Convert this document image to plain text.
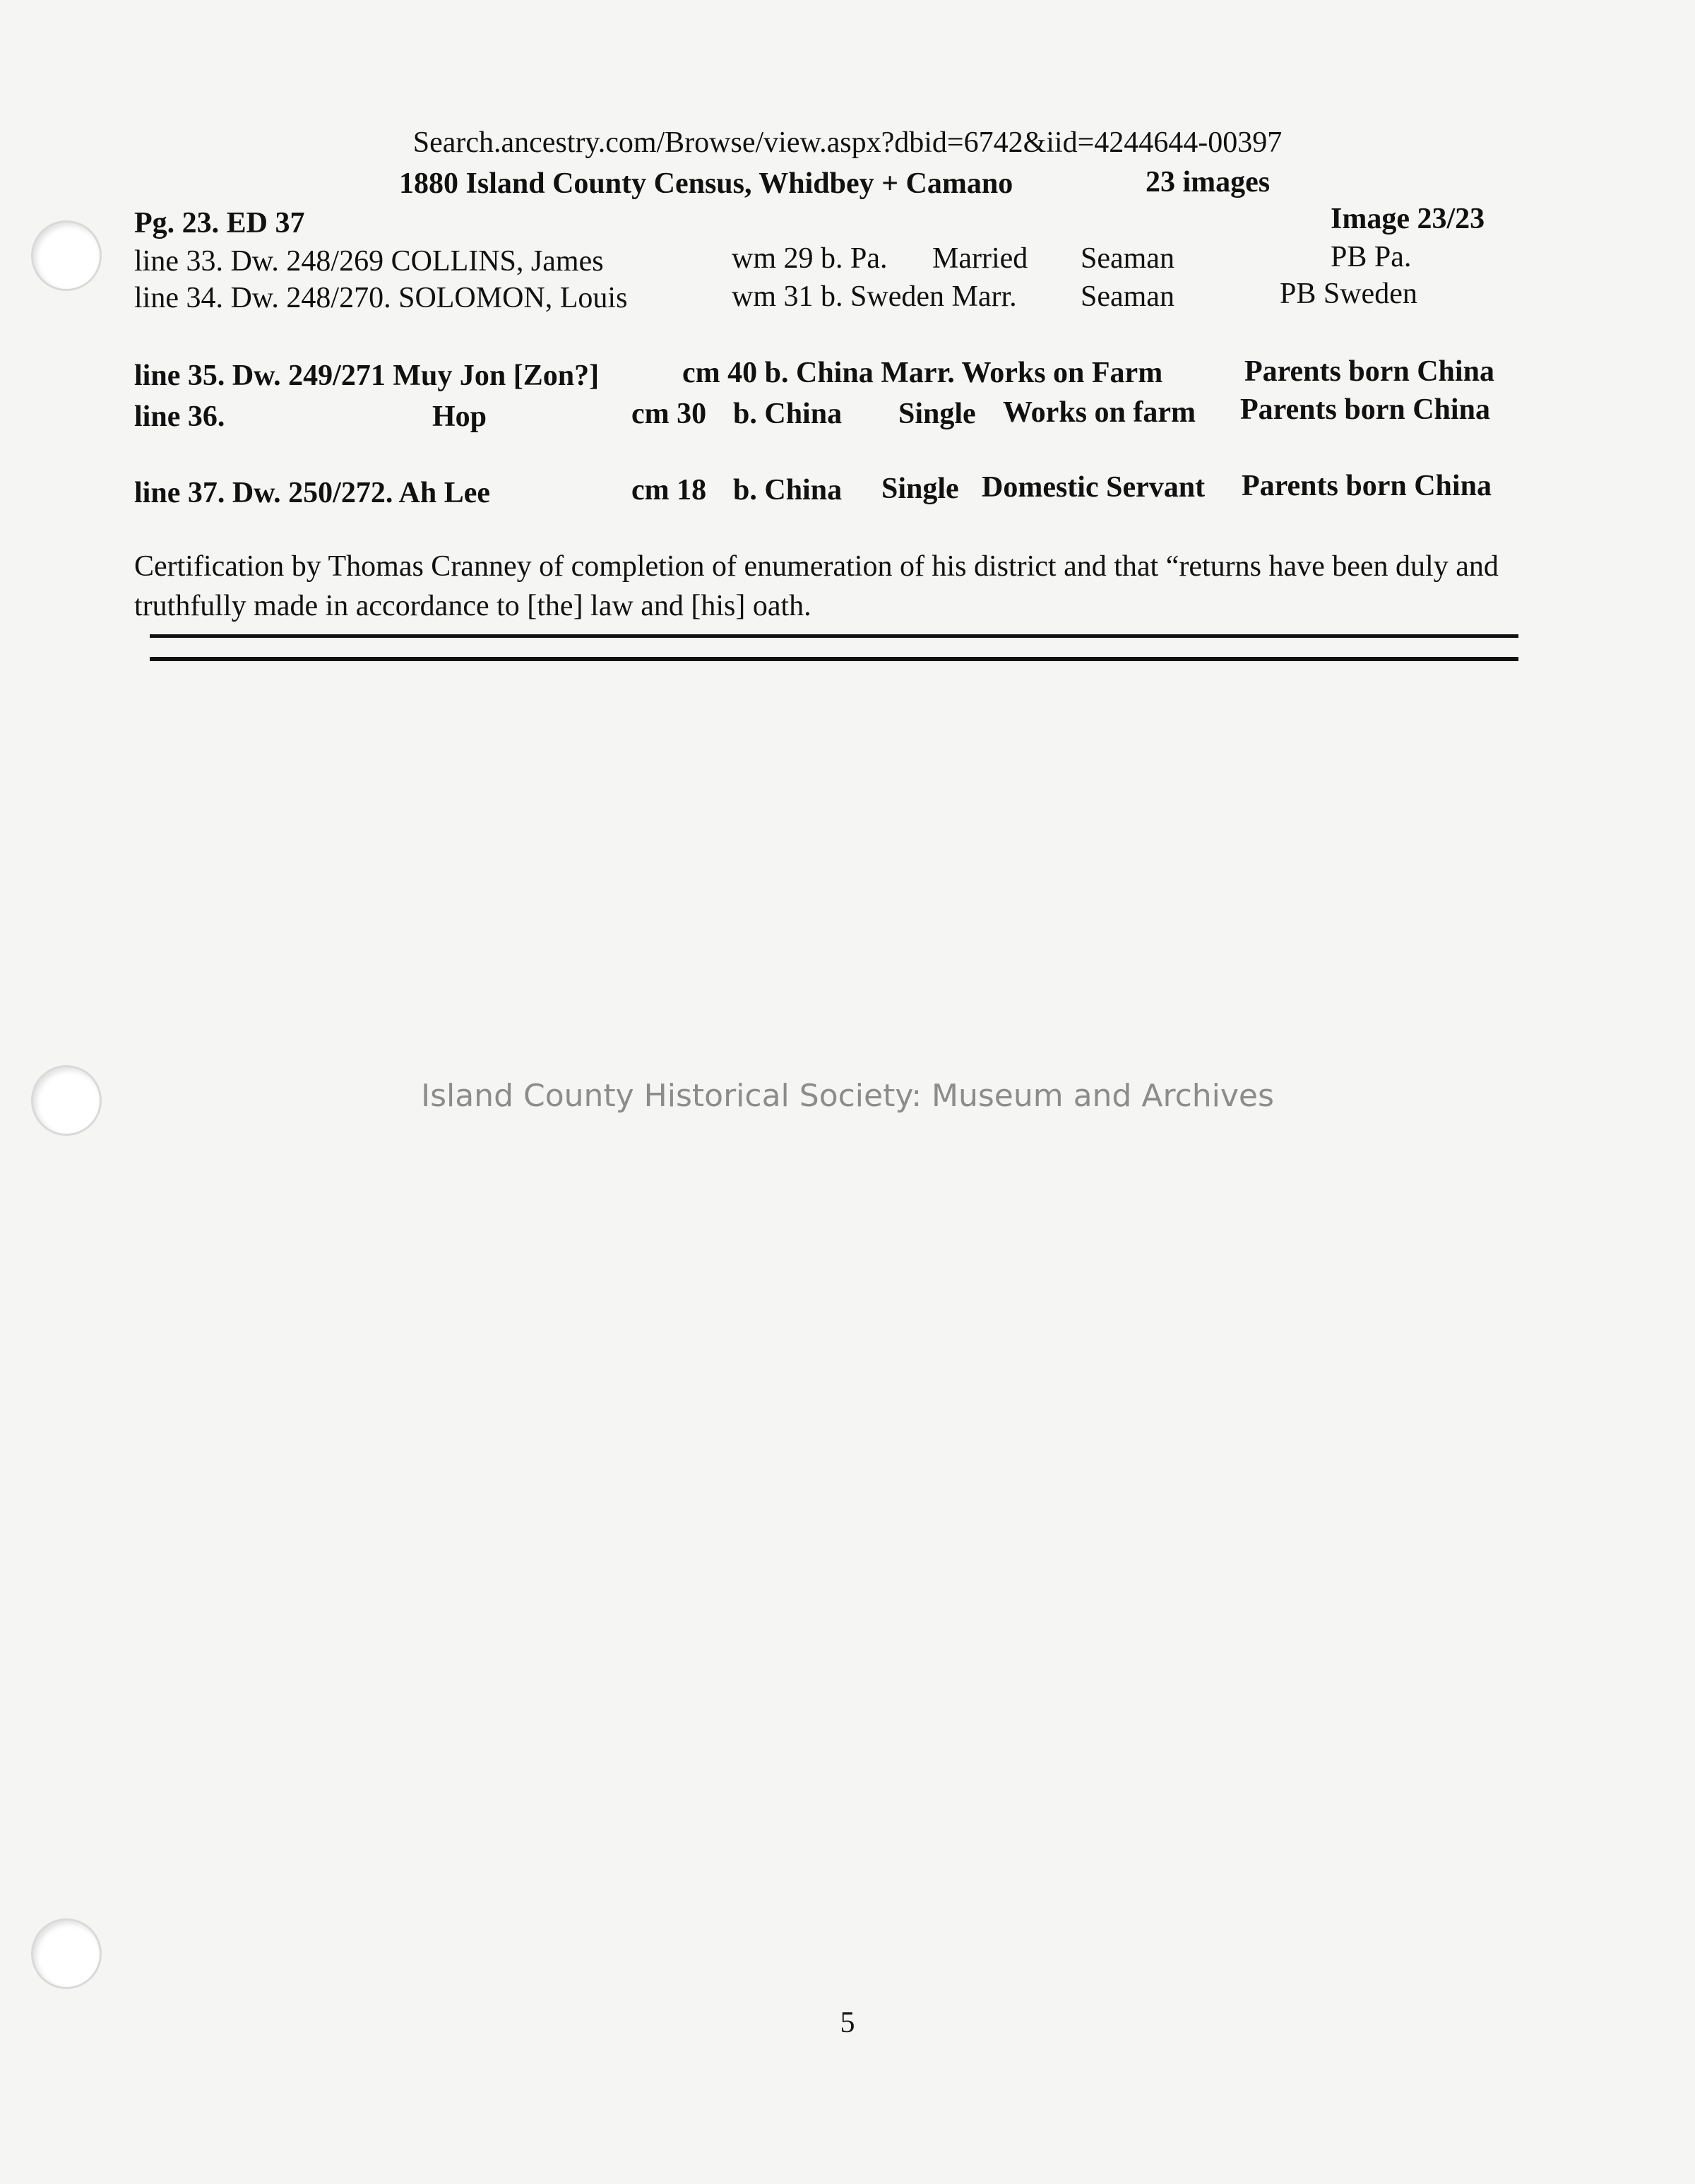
Search.ancestry.com/Browse/view.aspx?dbid=6742&iid=4244644-00397
1880 Island County Census, Whidbey + Camano	23 images
Pg. 23. ED 37	Image 23/23
line 33. Dw. 248/269 COLLINS, James	wm 29 b. Pa. Married Seaman	PB Pa.
line 34. Dw. 248/270. SOLOMON, Louis	wm 31 b. Sweden Marr. Seaman	PB Sweden
line 35. Dw. 249/271 Muy Jon [Zon?]	cm 40 b. China Marr. Works on Farm	Parents born China
line 36.	Hop	cm 30 b. China Single Works on farm Parents born China
line 37. Dw. 250/272. Ah Lee	cm 18 b. China Single Domestic Servant Parents born China
Certification by Thomas Cranney of completion of enumeration of his district and that “returns have been duly and truthfully made in accordance to [the] law and [his] oath.
Island County Historical Society: Museum and Archives
5
